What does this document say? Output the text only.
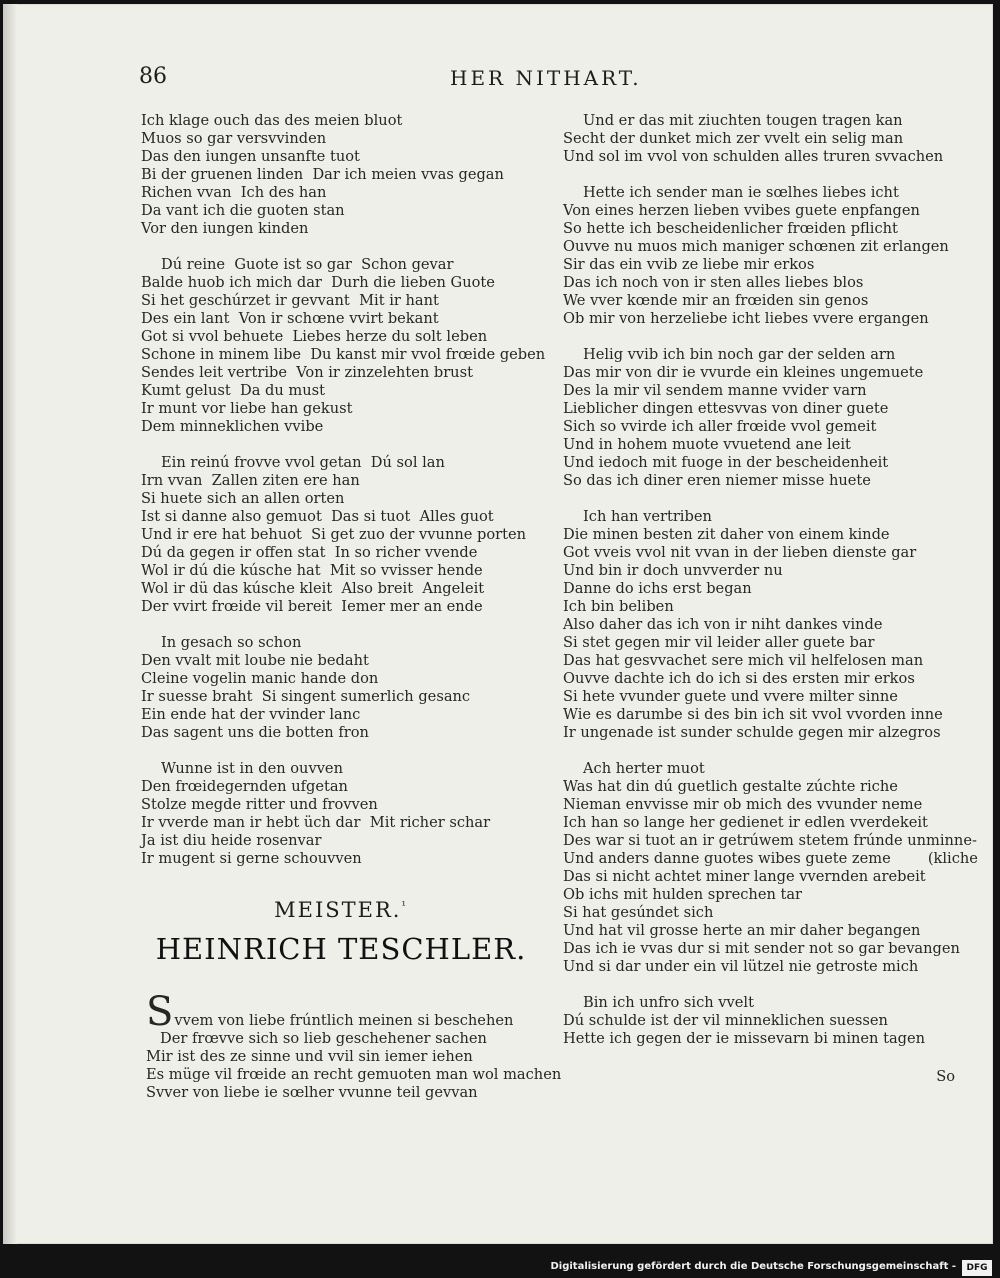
86	HER NITHART.
Ich klage ouch das des meien bluot
Muos so gar versvvinden
Das den iungen unsanfte tuot
Bi der gruenen linden  Dar ich meien vvas gegan
Richen vvan  Ich des han
Da vant ich die guoten stan
Vor den iungen kinden
Dú reine  Guote ist so gar  Schon gevar
Balde huob ich mich dar  Durh die lieben Guote
Si het geschúrzet ir gevvant  Mit ir hant
Des ein lant  Von ir schœne vvirt bekant
Got si vvol behuete  Liebes herze du solt leben
Schone in minem libe  Du kanst mir vvol frœide geben
Sendes leit vertribe  Von ir zinzelehten brust
Kumt gelust  Da du must
Ir munt vor liebe han gekust
Dem minneklichen vvibe
Ein reinú frovve vvol getan  Dú sol lan
Irn vvan  Zallen ziten ere han
Si huete sich an allen orten
Ist si danne also gemuot  Das si tuot  Alles guot
Und ir ere hat behuot  Si get zuo der vvunne porten
Dú da gegen ir offen stat  In so richer vvende
Wol ir dú die kúsche hat  Mit so vvisser hende
Wol ir dü das kúsche kleit  Also breit  Angeleit
Der vvirt frœide vil bereit  Iemer mer an ende
In gesach so schon
Den vvalt mit loube nie bedaht
Cleine vogelin manic hande don
Ir suesse braht  Si singent sumerlich gesanc
Ein ende hat der vvinder lanc
Das sagent uns die botten fron
Wunne ist in den ouvven
Den frœidegernden ufgetan
Stolze megde ritter und frovven
Ir vverde man ir hebt üch dar  Mit richer schar
Ja ist diu heide rosenvar
Ir mugent si gerne schouvven
MEISTER.$^{^1}$
HEINRICH TESCHLER.

S vvem von liebe frúntlich meinen si beschehen
Der frœvve sich so lieb geschehener sachen
Mir ist des ze sinne und vvil sin iemer iehen
Es müge vil frœide an recht gemuoten man wol machen
Svver von liebe ie sœlher vvunne teil gevvan

Und er das mit ziuchten tougen tragen kan
Secht der dunket mich zer vvelt ein selig man
Und sol im vvol von schulden alles truren svvachen
Hette ich sender man ie sœlhes liebes icht
Von eines herzen lieben vvibes guete enpfangen
So hette ich bescheidenlicher frœiden pflicht
Ouvve nu muos mich maniger schœnen zit erlangen
Sir das ein vvib ze liebe mir erkos
Das ich noch von ir sten alles liebes blos
We vver kœnde mir an frœiden sin genos
Ob mir von herzeliebe icht liebes vvere ergangen
Helig vvib ich bin noch gar der selden arn
Das mir von dir ie vvurde ein kleines ungemuete
Des la mir vil sendem manne vvider varn
Lieblicher dingen ettesvvas von diner guete
Sich so vvirde ich aller frœide vvol gemeit
Und in hohem muote vvuetend ane leit
Und iedoch mit fuoge in der bescheidenheit
So das ich diner eren niemer misse huete
Ich han vertriben
Die minen besten zit daher von einem kinde
Got vveis vvol nit vvan in der lieben dienste gar
Und bin ir doch unvverder nu
Danne do ichs erst began
Ich bin beliben
Also daher das ich von ir niht dankes vinde
Si stet gegen mir vil leider aller guete bar
Das hat gesvvachet sere mich vil helfelosen man
Ouvve dachte ich do ich si des ersten mir erkos
Si hete vvunder guete und vvere milter sinne
Wie es darumbe si des bin ich sit vvol vvorden inne
Ir ungenade ist sunder schulde gegen mir alzegros
Ach herter muot
Was hat din dú guetlich gestalte zúchte riche
Nieman envvisse mir ob mich des vvunder neme
Ich han so lange her gedienet ir edlen vverdekeit
Des war si tuot an ir getrúwem stetem frúnde unminne-
Und anders danne guotes wibes guete zeme        (kliche
Das si nicht achtet miner lange vvernden arebeit
Ob ichs mit hulden sprechen tar
Si hat gesúndet sich
Und hat vil grosse herte an mir daher begangen
Das ich ie vvas dur si mit sender not so gar bevangen
Und si dar under ein vil lützel nie getroste mich
Bin ich unfro sich vvelt
Dú schulde ist der vil minneklichen suessen
Hette ich gegen der ie missevarn bi minen tagen
So
Digitalisierung gefördert durch die Deutsche Forschungsgemeinschaft -	DFG
